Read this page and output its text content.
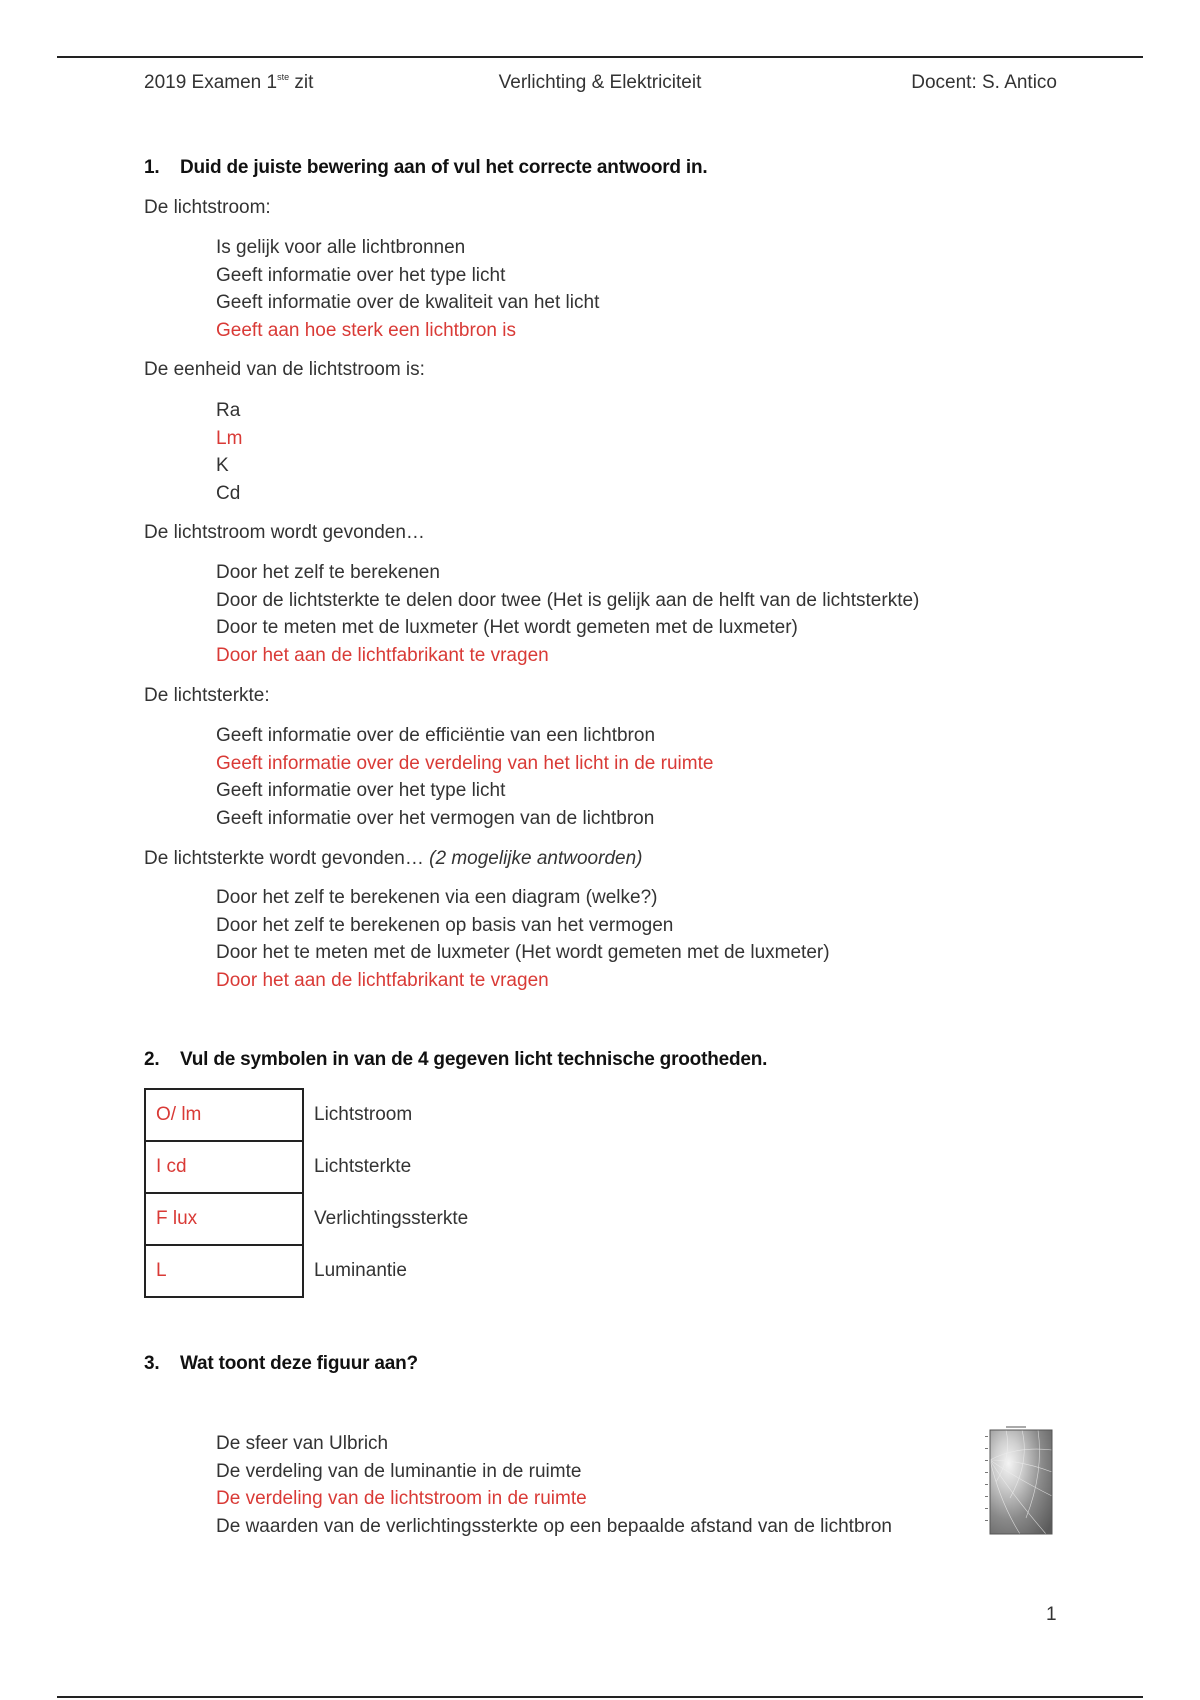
2019 Examen 1ste zit	Verlichting & Elektriciteit	Docent: S. Antico
1. Duid de juiste bewering aan of vul het correcte antwoord in.
De lichtstroom:
Is gelijk voor alle lichtbronnen
Geeft informatie over het type licht
Geeft informatie over de kwaliteit van het licht
Geeft aan hoe sterk een lichtbron is
De eenheid van de lichtstroom is:
Ra
Lm
K
Cd
De lichtstroom wordt gevonden…
Door het zelf te berekenen
Door de lichtsterkte te delen door twee (Het is gelijk aan de helft van de lichtsterkte)
Door te meten met de luxmeter (Het wordt gemeten met de luxmeter)
Door het aan de lichtfabrikant te vragen
De lichtsterkte:
Geeft informatie over de efficiëntie van een lichtbron
Geeft informatie over de verdeling van het licht in de ruimte
Geeft informatie over het type licht
Geeft informatie over het vermogen van de lichtbron
De lichtsterkte wordt gevonden… (2 mogelijke antwoorden)
Door het zelf te berekenen via een diagram (welke?)
Door het zelf te berekenen op basis van het vermogen
Door het te meten met de luxmeter (Het wordt gemeten met de luxmeter)
Door het aan de lichtfabrikant te vragen
2. Vul de symbolen in van de 4 gegeven licht technische grootheden.
O/ lm	Lichtstroom
I cd	Lichtsterkte
F lux	Verlichtingssterkte
L	Luminantie
3. Wat toont deze figuur aan?
De sfeer van Ulbrich
De verdeling van de luminantie in de ruimte
De verdeling van de lichtstroom in de ruimte
De waarden van de verlichtingssterkte op een bepaalde afstand van de lichtbron
1
